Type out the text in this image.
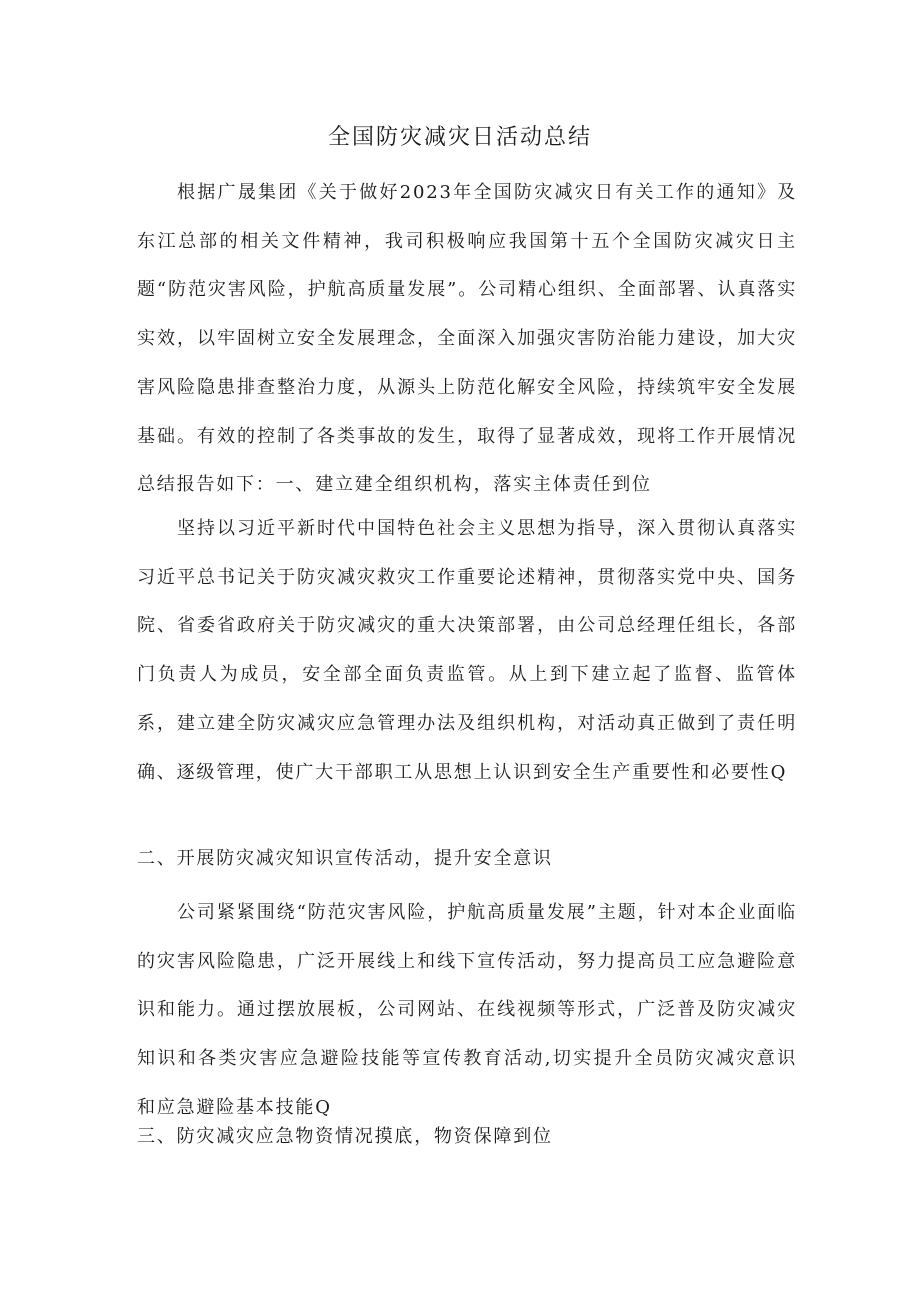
全国防灾减灾日活动总结

根据广晟集团《关于做好2023年全国防灾减灾日有关工作的通知》及东江总部的相关文件精神，我司积极响应我国第十五个全国防灾减灾日主题“防范灾害风险，护航高质量发展”。公司精心组织、全面部署、认真落实实效，以牢固树立安全发展理念，全面深入加强灾害防治能力建设，加大灾害风险隐患排查整治力度，从源头上防范化解安全风险，持续筑牢安全发展基础。有效的控制了各类事故的发生，取得了显著成效，现将工作开展情况总结报告如下：一、建立建全组织机构，落实主体责任到位

坚持以习近平新时代中国特色社会主义思想为指导，深入贯彻认真落实习近平总书记关于防灾减灾救灾工作重要论述精神，贯彻落实党中央、国务院、省委省政府关于防灾减灾的重大决策部署，由公司总经理任组长，各部门负责人为成员，安全部全面负责监管。从上到下建立起了监督、监管体系，建立建全防灾减灾应急管理办法及组织机构，对活动真正做到了责任明确、逐级管理，使广大干部职工从思想上认识到安全生产重要性和必要性Q

二、开展防灾减灾知识宣传活动，提升安全意识

公司紧紧围绕“防范灾害风险，护航高质量发展”主题，针对本企业面临的灾害风险隐患，广泛开展线上和线下宣传活动，努力提高员工应急避险意识和能力。通过摆放展板，公司网站、在线视频等形式，广泛普及防灾减灾知识和各类灾害应急避险技能等宣传教育活动,切实提升全员防灾减灾意识和应急避险基本技能Q

三、防灾减灾应急物资情况摸底，物资保障到位
